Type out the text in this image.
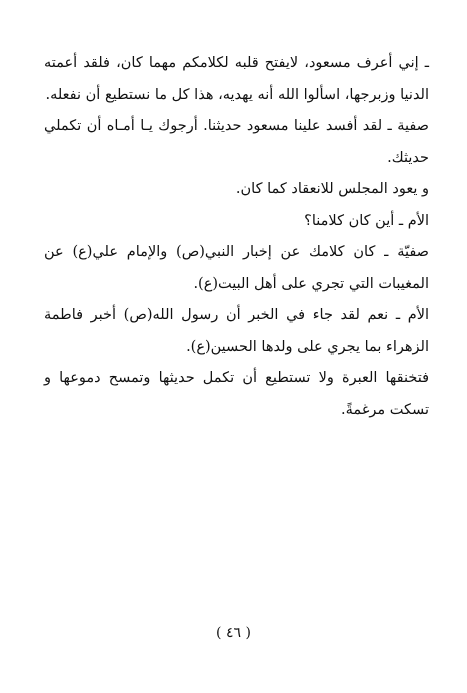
ـ إني أعرف مسعود، لايفتح قلبه لكلامكم مهما كان، فلقد أعمته الدنيا وزبرجها، اسألوا الله أنه يهديه، هذا كل ما نستطيع أن نفعله.

صفية ـ لقد أفسد علينا مسعود حديثنا. أرجوك يـا أمـاه أن تكملي حديثك.

و يعود المجلس للانعقاد كما كان.

الأم ـ أين كان كلامنا؟

صفيّة ـ كان كلامك عن إخبار النبي(ص) والإمام علي(ع) عن المغيبات التي تجري على أهل البيت(ع).

الأم ـ نعم لقد جاء في الخبر أن رسول الله(ص) أخبر فاطمة الزهراء بما يجري على ولدها الحسين(ع).

فتخنقها العبرة ولا تستطيع أن تكمل حديثها وتمسح دموعها و تسكت مرغمةً.

( ٤٦ )
